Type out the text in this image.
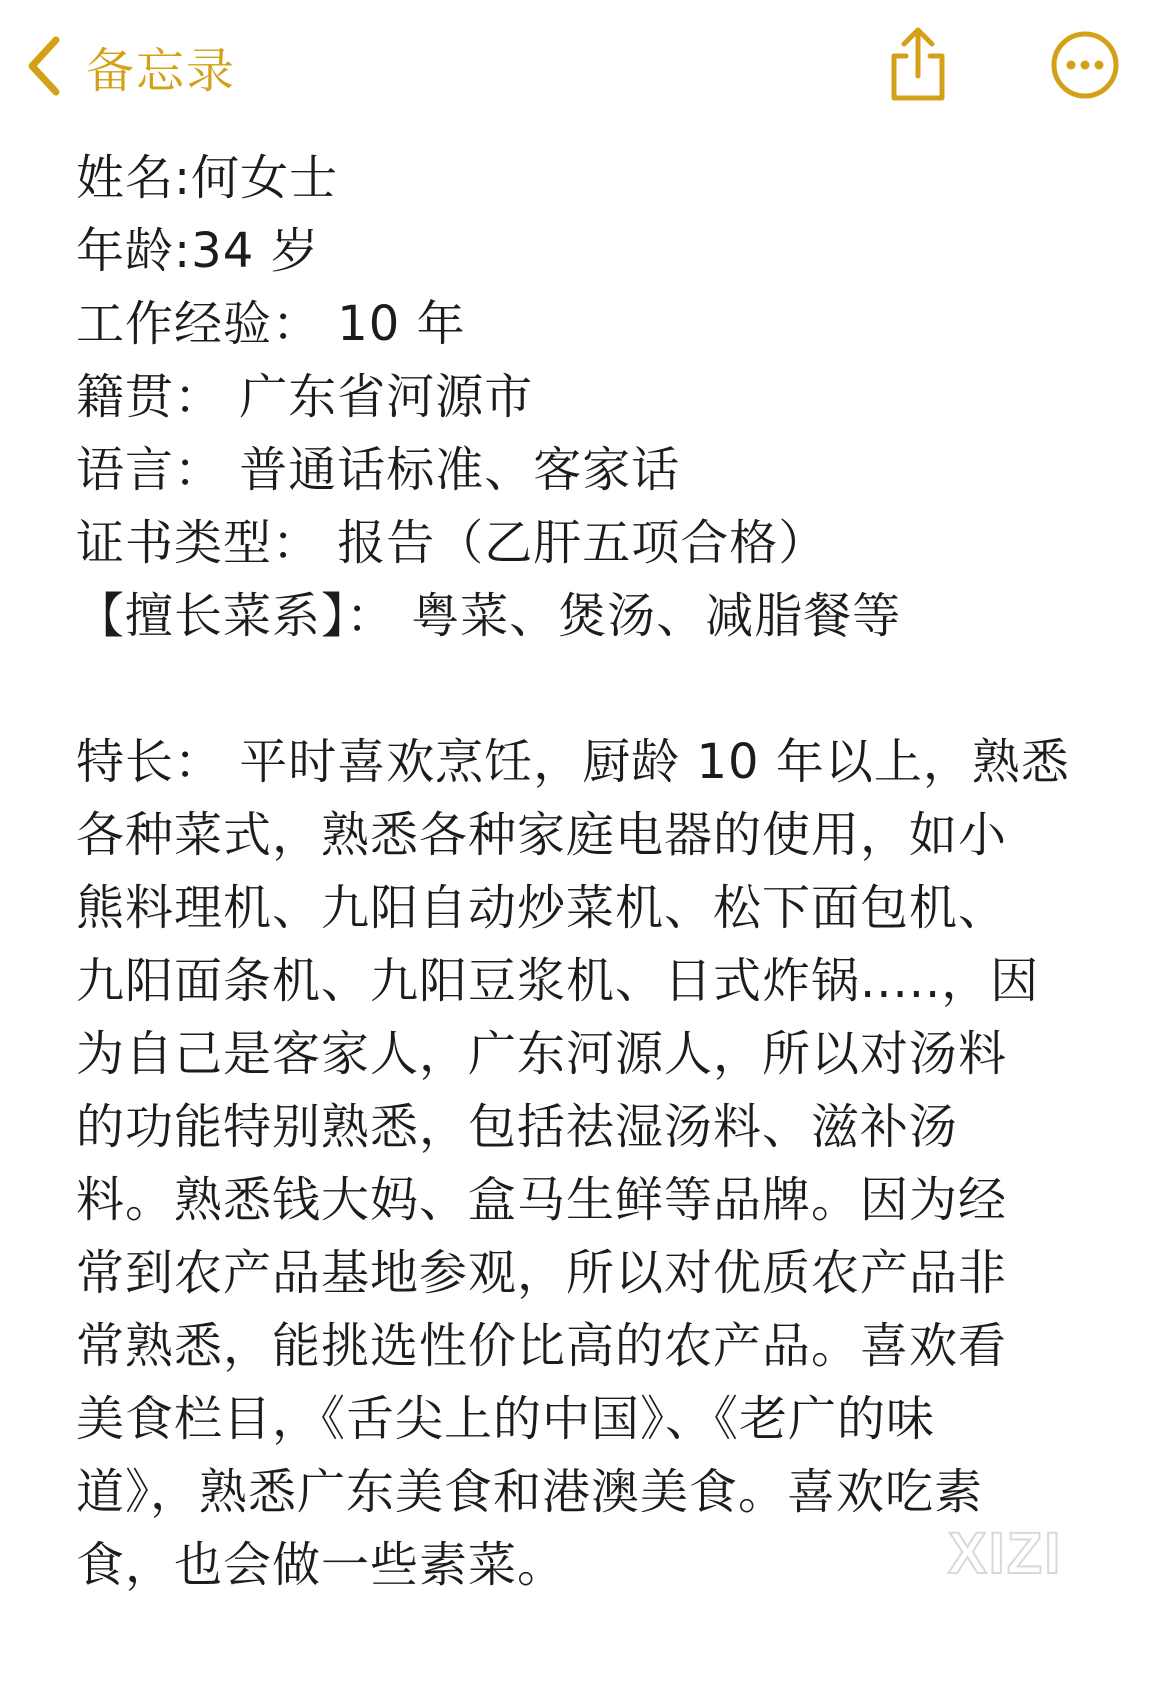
备忘录
姓名:何女士
年龄:34 岁
工作经验： 10 年
籍贯： 广东省河源市
语言： 普通话标准、客家话
证书类型： 报告（乙肝五项合格）
【擅长菜系】： 粤菜、煲汤、减脂餐等
特长： 平时喜欢烹饪，厨龄 10 年以上，熟悉
各种菜式，熟悉各种家庭电器的使用，如小
熊料理机、九阳自动炒菜机、松下面包机、
九阳面条机、九阳豆浆机、日式炸锅.....，因
为自己是客家人，广东河源人，所以对汤料
的功能特别熟悉，包括祛湿汤料、滋补汤
料。熟悉钱大妈、盒马生鲜等品牌。因为经
常到农产品基地参观，所以对优质农产品非
常熟悉，能挑选性价比高的农产品。喜欢看
美食栏目，《舌尖上的中国》、《老广的味
道》，熟悉广东美食和港澳美食。喜欢吃素
食，也会做一些素菜。	XIZI
